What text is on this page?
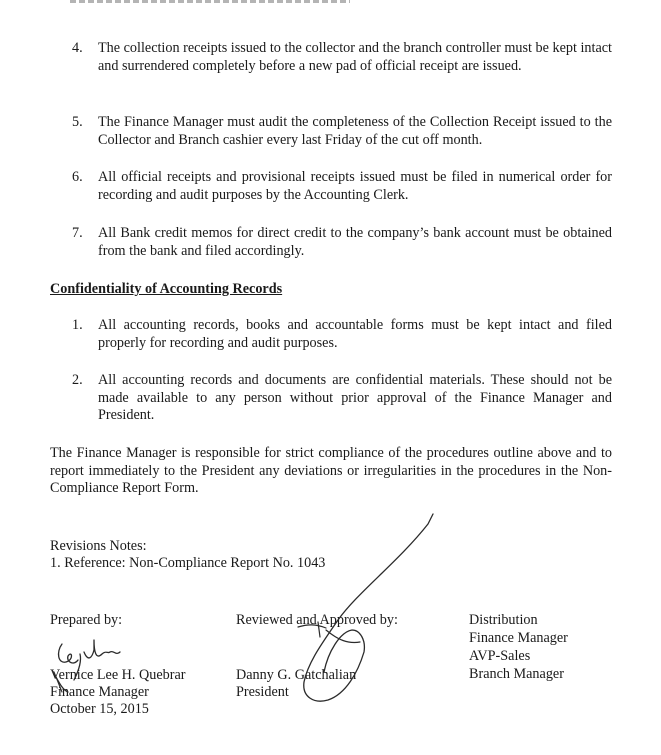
4.	The collection receipts issued to the collector and the branch controller must be kept intact and surrendered completely before a new pad of official receipt are issued.
5.	The Finance Manager must audit the completeness of the Collection Receipt issued to the Collector and Branch cashier every last Friday of the cut off month.
6.	All official receipts and provisional receipts issued must be filed in numerical order for recording and audit purposes by the Accounting Clerk.
7.	All Bank credit memos for direct credit to the company’s bank account must be obtained from the bank and filed accordingly.
Confidentiality of Accounting Records
1.	All accounting records, books and accountable forms must be kept intact and filed properly for recording and audit purposes.
2.	All accounting records and documents are confidential materials. These should not be made available to any person without prior approval of the Finance Manager and President.
The Finance Manager is responsible for strict compliance of the procedures outline above and to report immediately to the President any deviations or irregularities in the procedures in the Non-Compliance Report Form.
Revisions Notes:
1. Reference: Non-Compliance Report No. 1043
Prepared by:
Vernice Lee H. Quebrar
Finance Manager
October 15, 2015
Reviewed and Approved by:
Danny G. Gatchalian
President
Distribution
Finance Manager
AVP-Sales
Branch Manager
